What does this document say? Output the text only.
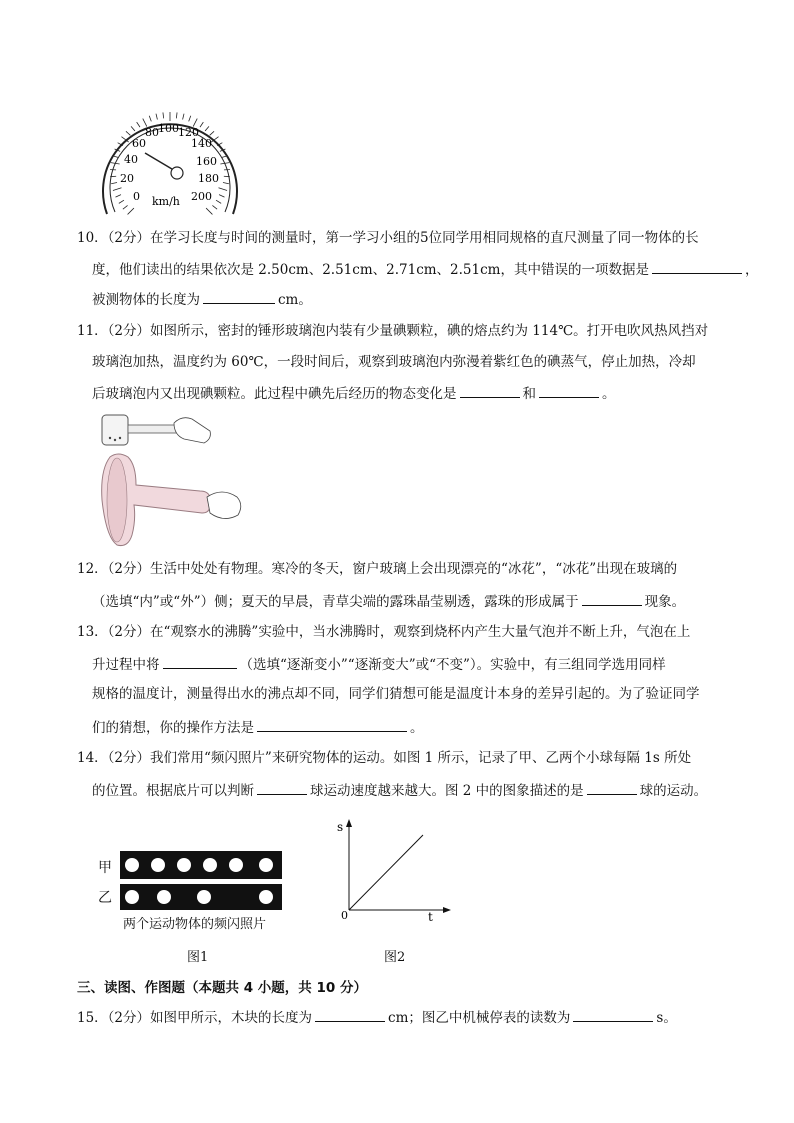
0
20
40
60
80 100 120
140
160
180
200
km/h
10．（2分）在学习长度与时间的测量时，第一学习小组的5位同学用相同规格的直尺测量了同一物体的长
度，他们读出的结果依次是 2.50cm、2.51cm、2.71cm、2.51cm，其中错误的一项数据是	，
被测物体的长度为	cm。
11．（2分）如图所示，密封的锤形玻璃泡内装有少量碘颗粒，碘的熔点约为 114℃。打开电吹风热风挡对
玻璃泡加热，温度约为 60℃，一段时间后，观察到玻璃泡内弥漫着紫红色的碘蒸气，停止加热，冷却
后玻璃泡内又出现碘颗粒。此过程中碘先后经历的物态变化是	和	。
12．（2分）生活中处处有物理。寒冷的冬天，窗户玻璃上会出现漂亮的“冰花”，“冰花”出现在玻璃的
（选填“内”或“外”）侧；夏天的早晨，青草尖端的露珠晶莹剔透，露珠的形成属于	现象。
13．（2分）在“观察水的沸腾”实验中，当水沸腾时，观察到烧杯内产生大量气泡并不断上升，气泡在上
升过程中将	（选填“逐渐变小”“逐渐变大”或“不变”）。实验中，有三组同学选用同样
规格的温度计，测量得出水的沸点却不同，同学们猜想可能是温度计本身的差异引起的。为了验证同学
们的猜想，你的操作方法是	。
14．（2分）我们常用“频闪照片”来研究物体的运动。如图 1 所示，记录了甲、乙两个小球每隔 1s 所处
的位置。根据底片可以判断	球运动速度越来越大。图 2 中的图象描述的是	球的运动。
甲
乙
两个运动物体的频闪照片
图1
s
t
0
图2
三、读图、作图题（本题共 4 小题，共 10 分）
15．（2分）如图甲所示，木块的长度为	cm；图乙中机械停表的读数为	s。
